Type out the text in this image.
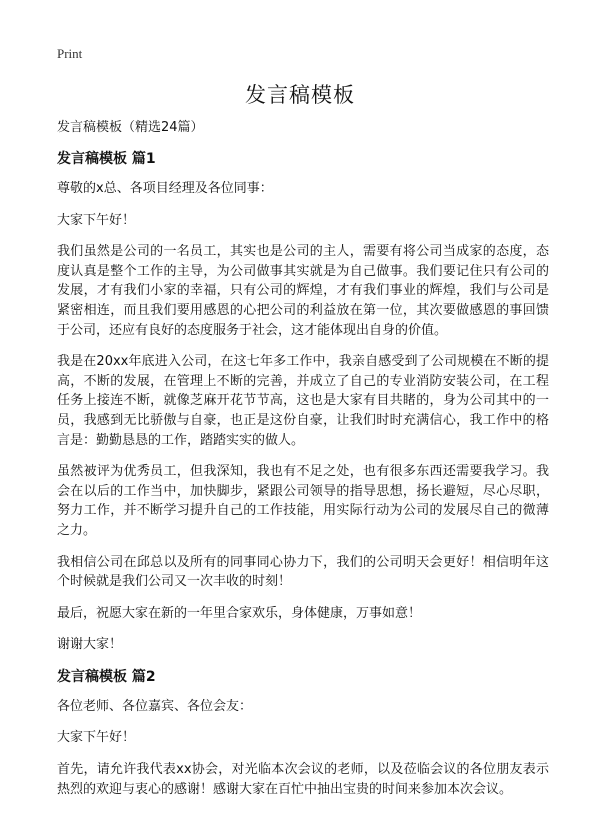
Print
发言稿模板
发言稿模板（精选24篇）
发言稿模板 篇1

尊敬的x总、各项目经理及各位同事：

大家下午好！

我们虽然是公司的一名员工，其实也是公司的主人，需要有将公司当成家的态度，态度认真是整个工作的主导，为公司做事其实就是为自己做事。我们要记住只有公司的发展，才有我们小家的幸福，只有公司的辉煌，才有我们事业的辉煌，我们与公司是紧密相连，而且我们要用感恩的心把公司的利益放在第一位，其次要做感恩的事回馈于公司，还应有良好的态度服务于社会，这才能体现出自身的价值。

我是在20xx年底进入公司，在这七年多工作中，我亲自感受到了公司规模在不断的提高，不断的发展，在管理上不断的完善，并成立了自己的专业消防安装公司，在工程任务上接连不断，就像芝麻开花节节高，这也是大家有目共睹的，身为公司其中的一员，我感到无比骄傲与自豪，也正是这份自豪，让我们时时充满信心，我工作中的格言是：勤勤恳恳的工作，踏踏实实的做人。

虽然被评为优秀员工，但我深知，我也有不足之处，也有很多东西还需要我学习。我会在以后的工作当中，加快脚步，紧跟公司领导的指导思想，扬长避短，尽心尽职，努力工作，并不断学习提升自己的工作技能，用实际行动为公司的发展尽自己的微薄之力。

我相信公司在邱总以及所有的同事同心协力下，我们的公司明天会更好！相信明年这个时候就是我们公司又一次丰收的时刻！

最后，祝愿大家在新的一年里合家欢乐，身体健康，万事如意！

谢谢大家！

发言稿模板 篇2

各位老师、各位嘉宾、各位会友：

大家下午好！

首先，请允许我代表xx协会，对光临本次会议的老师，以及莅临会议的各位朋友表示热烈的欢迎与衷心的感谢！感谢大家在百忙中抽出宝贵的时间来参加本次会议。
